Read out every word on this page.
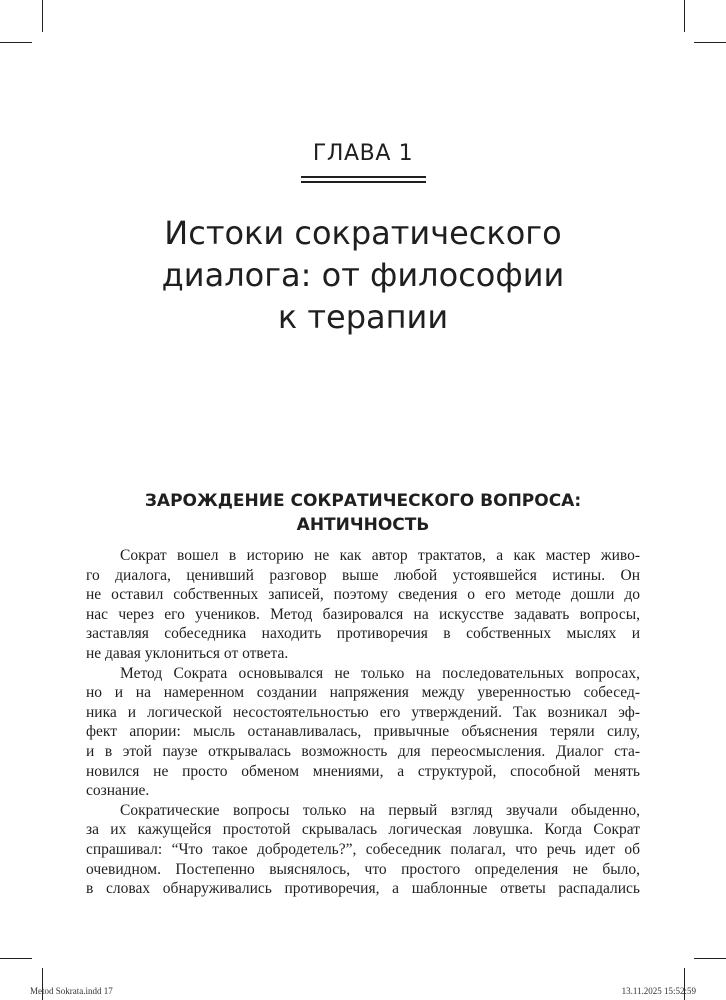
ГЛАВА 1
Истоки сократического
диалога: от философии
к терапии
ЗАРОЖДЕНИЕ СОКРАТИЧЕСКОГО ВОПРОСА:
АНТИЧНОСТЬ
Сократ вошел в историю не как автор трактатов, а как мастер живо-
го диалога, ценивший разговор выше любой устоявшейся истины. Он
не оставил собственных записей, поэтому сведения о его методе дошли до
нас через его учеников. Метод базировался на искусстве задавать вопросы,
заставляя собеседника находить противоречия в собственных мыслях и
не давая уклониться от ответа.
Метод Сократа основывался не только на последовательных вопросах,
но и на намеренном создании напряжения между уверенностью собесед-
ника и логической несостоятельностью его утверждений. Так возникал эф-
фект апории: мысль останавливалась, привычные объяснения теряли силу,
и в этой паузе открывалась возможность для переосмысления. Диалог ста-
новился не просто обменом мнениями, а структурой, способной менять
сознание.
Сократические вопросы только на первый взгляд звучали обыденно,
за их кажущейся простотой скрывалась логическая ловушка. Когда Сократ
спрашивал: “Что такое добродетель?”, собеседник полагал, что речь идет об
очевидном. Постепенно выяснялось, что простого определения не было,
в словах обнаруживались противоречия, а шаблонные ответы распадались
Metod Sokrata.indd 17	13.11.2025 15:52:59
